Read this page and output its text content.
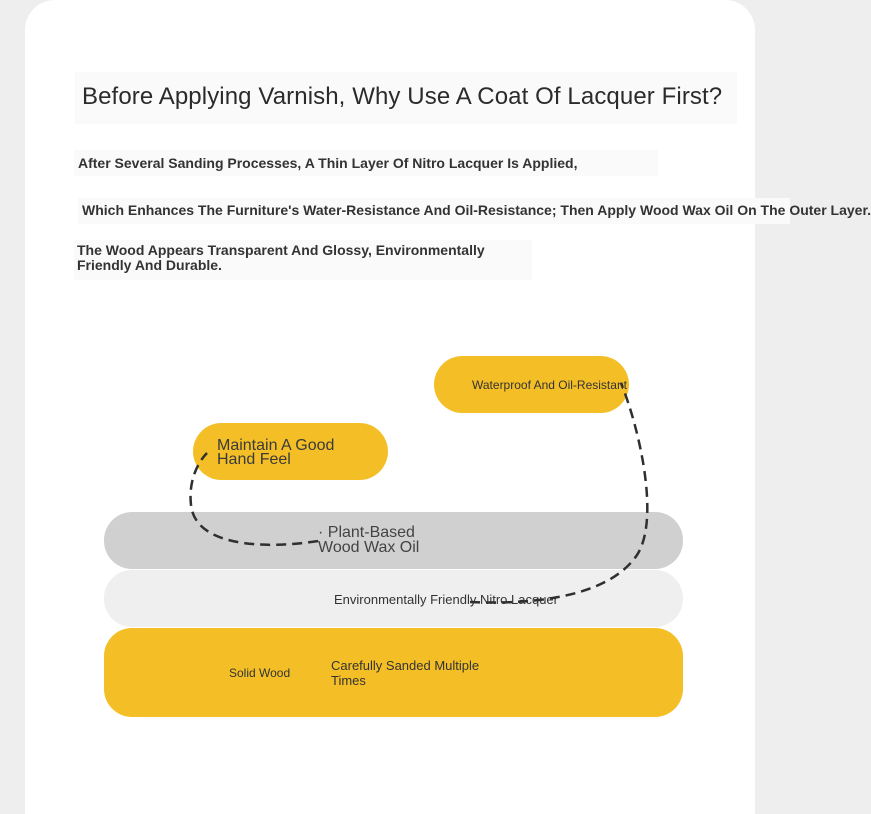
Before Applying Varnish, Why Use A Coat Of Lacquer First?
After Several Sanding Processes, A Thin Layer Of Nitro Lacquer Is Applied,
Which Enhances The Furniture's Water-Resistance And Oil-Resistance; Then Apply Wood Wax Oil On The Outer Layer.
The Wood Appears Transparent And Glossy, Environmentally
Friendly And Durable.
· Plant-Based
Wood Wax Oil
Environmentally Friendly Nitro Lacquer
Solid Wood	Carefully Sanded Multiple
Times
Maintain A Good
Hand Feel
Waterproof And Oil-Resistant
